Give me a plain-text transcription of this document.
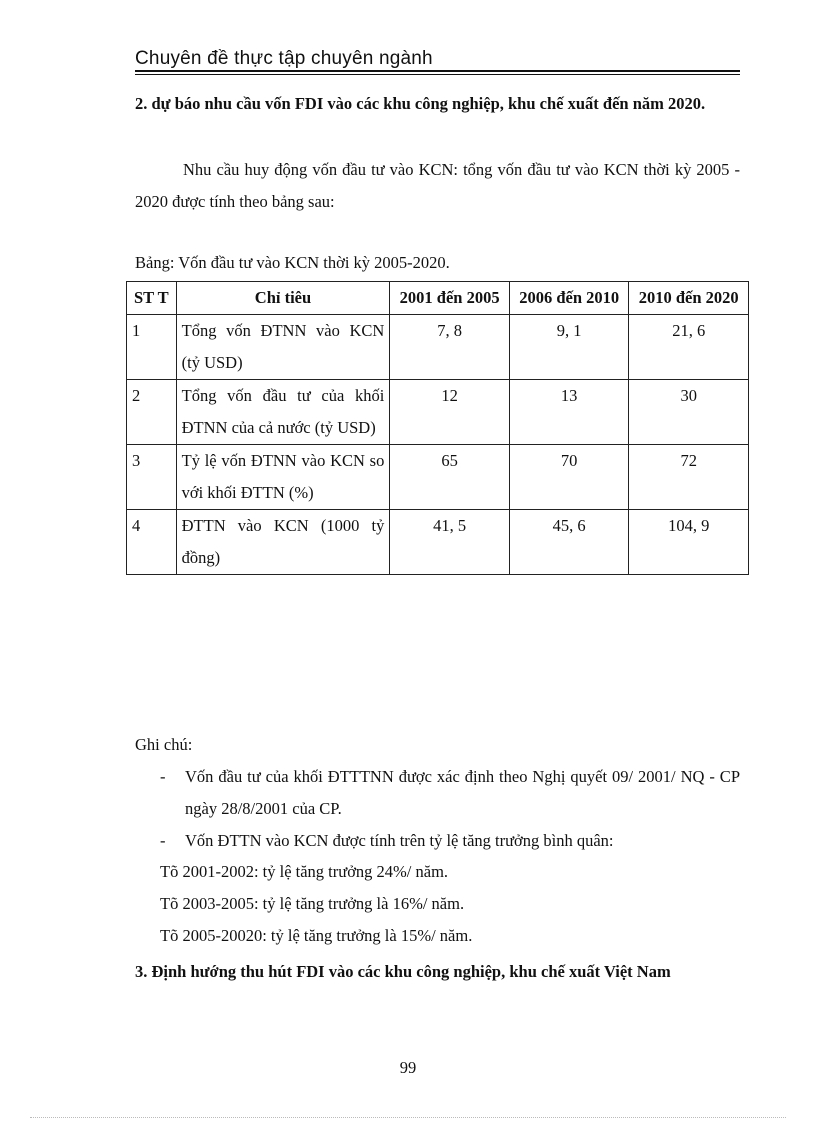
Chuyên đề thực tập chuyên ngành
2. dự báo nhu cầu vốn FDI vào các khu công nghiệp, khu chế xuất đến năm 2020.
Nhu cầu huy động vốn đầu tư vào KCN: tổng vốn đầu tư vào KCN thời kỳ 2005 - 2020 được tính theo bảng sau:
Bảng: Vốn đầu tư vào KCN thời kỳ 2005-2020.
ST T	Chỉ tiêu	2001 đến 2005	2006 đến 2010	2010 đến 2020
1	Tổng vốn ĐTNN vào KCN (tỷ USD)	7, 8	9, 1	21, 6
2	Tổng vốn đầu tư của khối ĐTNN của cả nước (tỷ USD)	12	13	30
3	Tỷ lệ vốn ĐTNN vào KCN so với khối ĐTTN (%)	65	70	72
4	ĐTTN vào KCN (1000 tỷ đồng)	41, 5	45, 6	104, 9
Ghi chú:
- Vốn đầu tư của khối ĐTTTNN được xác định theo Nghị quyết 09/ 2001/ NQ - CP ngày 28/8/2001 của CP.
- Vốn ĐTTN vào KCN được tính trên tỷ lệ tăng trưởng bình quân:
Tõ 2001-2002: tỷ lệ tăng trưởng 24%/ năm.
Tõ 2003-2005: tỷ lệ tăng trưởng là 16%/ năm.
Tõ 2005-20020: tỷ lệ tăng trưởng là 15%/ năm.
3. Định hướng thu hút FDI vào các khu công nghiệp, khu chế xuất Việt Nam
99
